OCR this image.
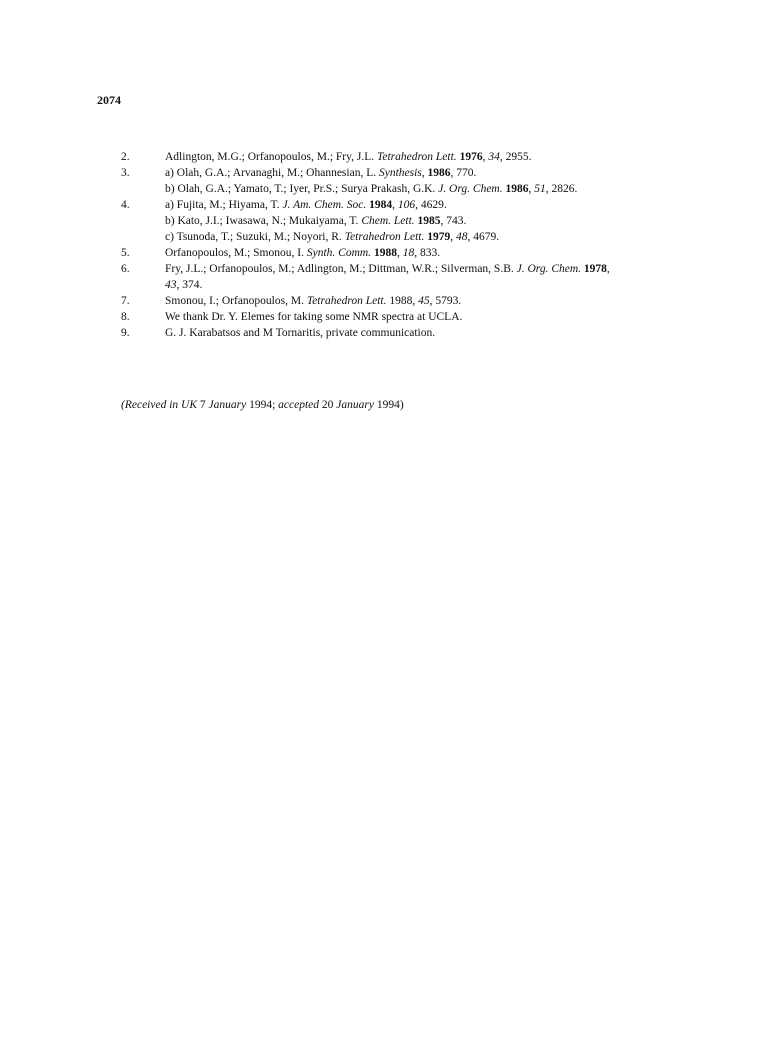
2074
2.	Adlington, M.G.; Orfanopoulos, M.; Fry, J.L. Tetrahedron Lett. 1976, 34, 2955.
3.	a) Olah, G.A.; Arvanaghi, M.; Ohannesian, L. Synthesis, 1986, 770.
b) Olah, G.A.; Yamato, T.; Iyer, Pr.S.; Surya Prakash, G.K. J. Org. Chem. 1986, 51, 2826.
4.	a) Fujita, M.; Hiyama, T. J. Am. Chem. Soc. 1984, 106, 4629.
b) Kato, J.I.; Iwasawa, N.; Mukaiyama, T. Chem. Lett. 1985, 743.
c) Tsunoda, T.; Suzuki, M.; Noyori, R. Tetrahedron Lett. 1979, 48, 4679.
5.	Orfanopoulos, M.; Smonou, I. Synth. Comm. 1988, 18, 833.
6.	Fry, J.L.; Orfanopoulos, M.; Adlington, M.; Dittman, W.R.; Silverman, S.B. J. Org. Chem. 1978,
43, 374.
7.	Smonou, I.; Orfanopoulos, M. Tetrahedron Lett. 1988, 45, 5793.
8.	We thank Dr. Y. Elemes for taking some NMR spectra at UCLA.
9.	G. J. Karabatsos and M Tornaritis, private communication.
(Received in UK 7 January 1994; accepted 20 January 1994)
